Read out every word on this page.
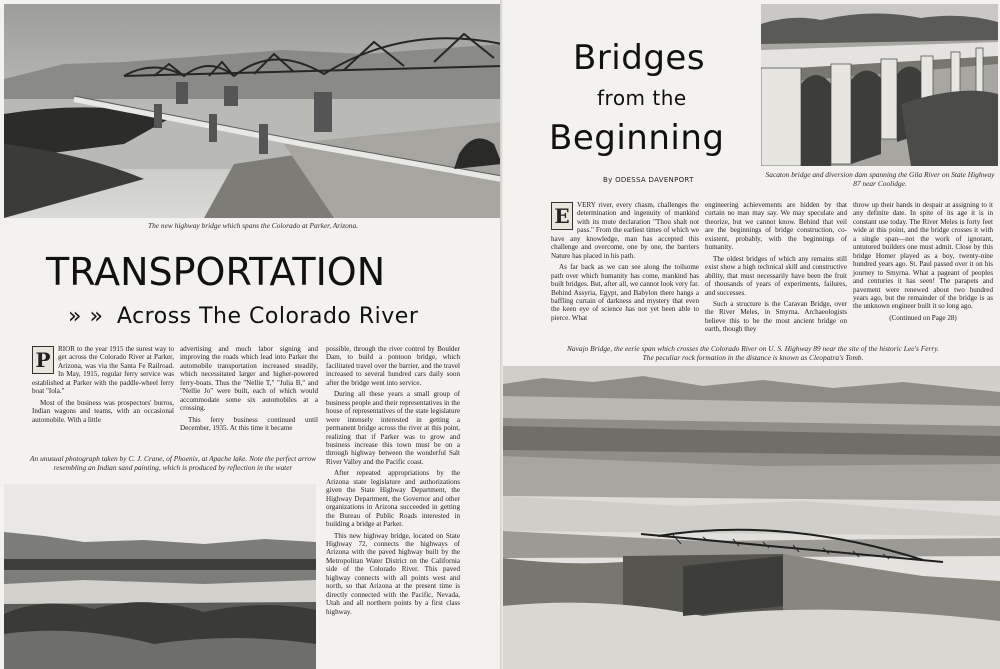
The new highway bridge which spans the Colorado at Parker, Arizona.
TRANSPORTATION
» » Across The Colorado River

P	RIOR to the year 1915 the surest way to get across the Colorado River at Parker, Arizona, was via the Santa Fe Railroad. In May, 1915, regular ferry service was established at Parker with the paddle-wheel ferry boat "Iola."

Most of the business was prospectors' burros, Indian wagons and teams, with an occasional automobile. With a little

advertising and much labor signing and improving the roads which lead into Parker the automobile transportation increased steadily, which necessitated larger and higher-powered ferry-boats. Thus the "Nellie T," "Julia B," and "Nellie Jo" were built, each of which would accommodate some six automobiles at a crossing.

This ferry business continued until December, 1935. At this time it became

possible, through the river control by Boulder Dam, to build a pontoon bridge, which facilitated travel over the barrier, and the travel increased to several hundred cars daily soon after the bridge went into service.

During all these years a small group of business people and their representatives in the house of representatives of the state legislature were intensely interested in getting a permanent bridge across the river at this point, realizing that if Parker was to grow and business increase this town must be on a through highway between the wonderful Salt River Valley and the Pacific coast.

After repeated appropriations by the Arizona state legislature and authorizations given the State Highway Department, the Highway Department, the Governor and other organizations in Arizona succeeded in getting the Bureau of Public Roads interested in building a bridge at Parker.

This new highway bridge, located on State Highway 72, connects the highways of Arizona with the paved highway built by the Metropolitan Water District on the California side of the Colorado River. This paved highway connects with all points west and north, so that Arizona at the present time is directly connected with the Pacific, Nevada, Utah and all northern points by a first class highway.

An unusual photograph taken by C. J. Crane, of Phoenix, at Apache lake. Note the perfect arrow resembling an Indian sand painting, which is produced by reflection in the water
Bridges
from the
Beginning
By ODESSA DAVENPORT
Sacaton bridge and diversion dam spanning the Gila River on State Highway 87 near Coolidge.

E	VERY river, every chasm, challenges the determination and ingenuity of mankind with its mute declaration "Thou shalt not pass." From the earliest times of which we have any knowledge, man has accepted this challenge and overcome, one by one, the barriers Nature has placed in his path.

As far back as we can see along the toilsome path over which humanity has come, mankind has built bridges. But, after all, we cannot look very far. Behind Assyria, Egypt, and Babylon there hangs a baffling curtain of darkness and mystery that even the keen eye of science has not yet been able to pierce. What

engineering achievements are hidden by that curtain no man may say. We may speculate and theorize, but we cannot know. Behind that veil are the beginnings of bridge construction, co-existent, probably, with the beginnings of humanity.

The oldest bridges of which any remains still exist show a high technical skill and constructive ability, that must necessarily have been the fruit of thousands of years of experiments, failures, and successes.

Such a structure is the Caravan Bridge, over the River Meles, in Smyrna. Archaeologists believe this to be the most ancient bridge on earth, though they

throw up their hands in despair at assigning to it any definite date. In spite of its age it is in constant use today. The River Meles is forty feet wide at this point, and the bridge crosses it with a single span—not the work of ignorant, untutored builders one must admit. Close by this bridge Homer played as a boy, twenty-nine hundred years ago. St. Paul passed over it on his journey to Smyrna. What a pageant of peoples and centuries it has seen! The parapets and pavement were renewed about two hundred years ago, but the remainder of the bridge is as the unknown engineer built it so long ago.

(Continued on Page 28)

Navajo Bridge, the eerie span which crosses the Colorado River on U. S. Highway 89 near the site of the historic Lee's Ferry.
The peculiar rock formation in the distance is known as Cleopatra's Tomb.
